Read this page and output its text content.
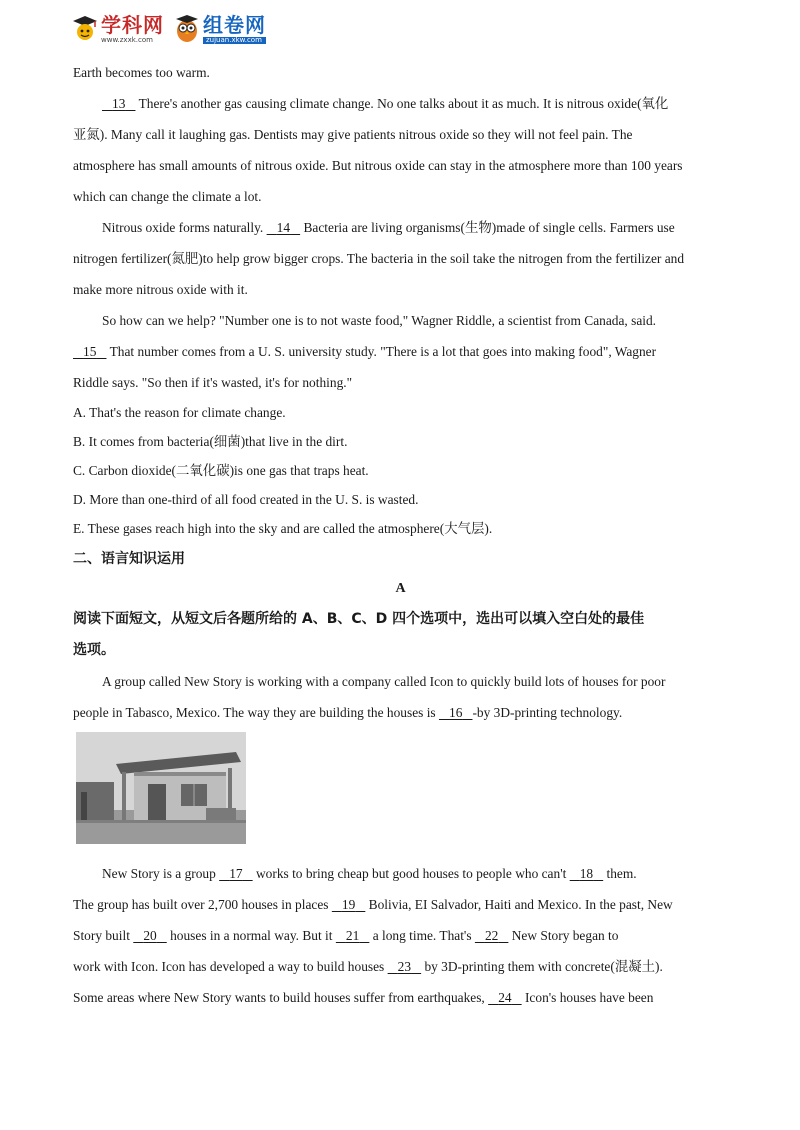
学科网
www.zxxk.com
组卷网
zujuan.xkw.com

Earth becomes too warm.

13    There's another gas causing climate change. No one talks about it as much. It is nitrous oxide(氧化

亚氮). Many call it laughing gas. Dentists may give patients nitrous oxide so they will not feel pain. The

atmosphere has small amounts of nitrous oxide. But nitrous oxide can stay in the atmosphere more than 100 years

which can change the climate a lot.

Nitrous oxide forms naturally.    14    Bacteria are living organisms(生物)made of single cells. Farmers use

nitrogen fertilizer(氮肥)to help grow bigger crops. The bacteria in the soil take the nitrogen from the fertilizer and

make more nitrous oxide with it.

So how can we help? "Number one is to not waste food," Wagner Riddle, a scientist from Canada, said.

15    That number comes from a U. S. university study. "There is a lot that goes into making food", Wagner

Riddle says. "So then if it's wasted, it's for nothing."

A. That's the reason for climate change.

B. It comes from bacteria(细菌)that live in the dirt.

C. Carbon dioxide(二氧化碳)is one gas that traps heat.

D. More than one-third of all food created in the U. S. is wasted.

E. These gases reach high into the sky and are called the atmosphere(大气层).

二、语言知识运用

A

阅读下面短文，从短文后各题所给的 A、B、C、D 四个选项中，选出可以填入空白处的最佳

选项。

A group called New Story is working with a company called Icon to quickly build lots of houses for poor

people in Tabasco, Mexico. The way they are building the houses is    16 -by 3D-printing technology.

New Story is a group    17    works to bring cheap but good houses to people who can't    18    them.

The group has built over 2,700 houses in places    19    Bolivia, EI Salvador, Haiti and Mexico. In the past, New

Story built    20    houses in a normal way. But it    21    a long time. That's    22    New Story began to

work with Icon. Icon has developed a way to build houses    23    by 3D-printing them with concrete(混凝土).

Some areas where New Story wants to build houses suffer from earthquakes,    24    Icon's houses have been
